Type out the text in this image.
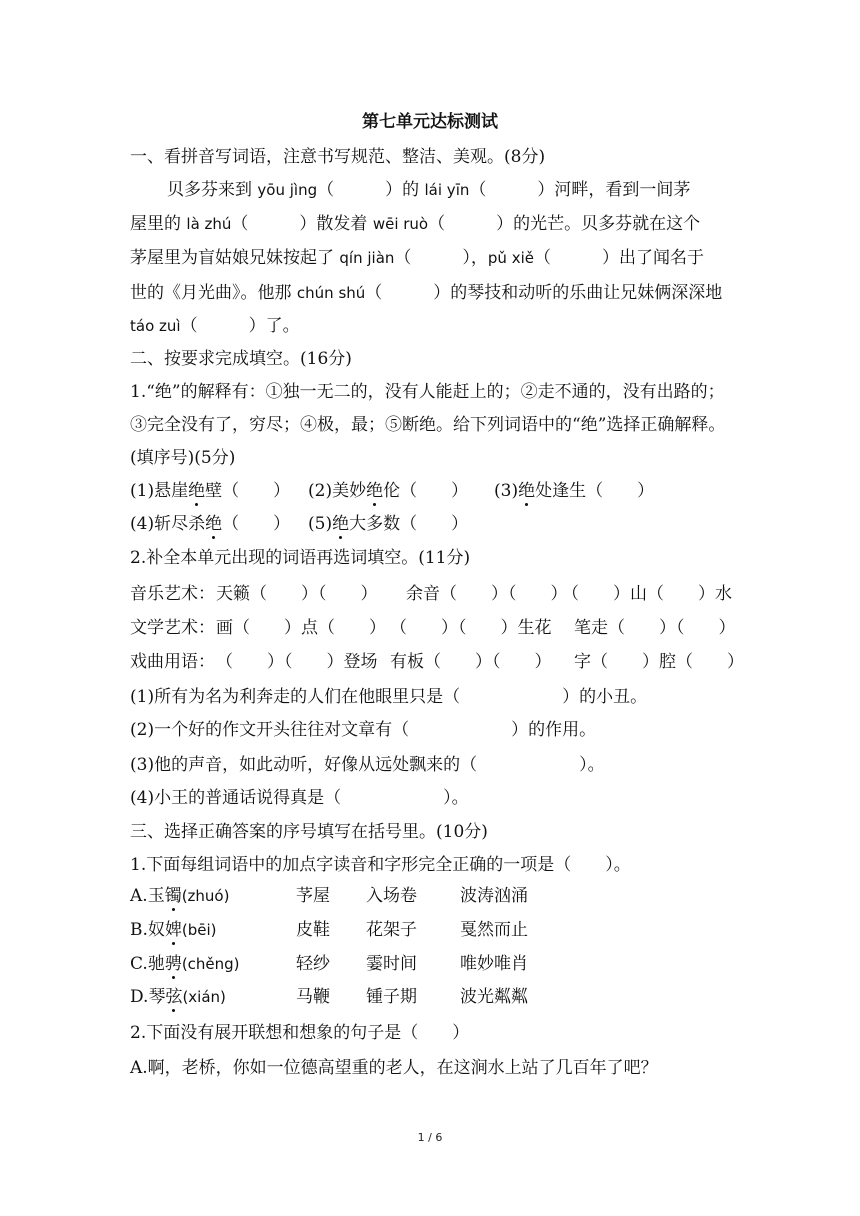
第七单元达标测试
一、看拼音写词语，注意书写规范、整洁、美观。(8分)
贝多芬来到 yōu jìng（　　　）的 lái yīn（　　　）河畔，看到一间茅
屋里的 là zhú（　　　）散发着 wēi ruò（　　　）的光芒。贝多芬就在这个
茅屋里为盲姑娘兄妹按起了 qín jiàn（　　　），pǔ xiě（　　　）出了闻名于
世的《月光曲》。他那 chún shú（　　　）的琴技和动听的乐曲让兄妹俩深深地
táo zuì（　　　）了。
二、按要求完成填空。(16分)
1.“绝”的解释有：①独一无二的，没有人能赶上的；②走不通的，没有出路的；
③完全没有了，穷尽；④极，最；⑤断绝。给下列词语中的“绝”选择正确解释。
(填序号)(5分)
(1)悬崖绝壁（　　） (2)美妙绝伦（　　） (3)绝处逢生（　　）
(4)斩尽杀绝（　　） (5)绝大多数（　　）
2.补全本单元出现的词语再选词填空。(11分)
音乐艺术： 天籁（　　）（　　） 余音（　　）（　　）
（　　）山（　　）水
文学艺术： 画（　　）点（　　） （　　）（　　）生花 笔走（　　）（　　）
戏曲用语： （　　）（　　）登场 有板（　　）（　　） 字（　　）腔（　　）
(1)所有为名为利奔走的人们在他眼里只是（　　　　　　）的小丑。
(2)一个好的作文开头往往对文章有（　　　　　　）的作用。
(3)他的声音，如此动听，好像从远处飘来的（　　　　　　）。
(4)小王的普通话说得真是（　　　　　　）。
三、选择正确答案的序号填写在括号里。(10分)
1.下面每组词语中的加点字读音和字形完全正确的一项是（　　）。
A.玉镯(zhuó)	芧屋 入场卷	波涛汹涌
B.奴婢(bēi)	皮鞋 花架子	戛然而止
C.驰骋(chěng)	轻纱 霎时间	唯妙唯肖
D.琴弦(xián)	马鞭 锺子期	波光粼粼
2.下面没有展开联想和想象的句子是（　　）
A.啊，老桥，你如一位德高望重的老人，在这涧水上站了几百年了吧？
1 / 6
